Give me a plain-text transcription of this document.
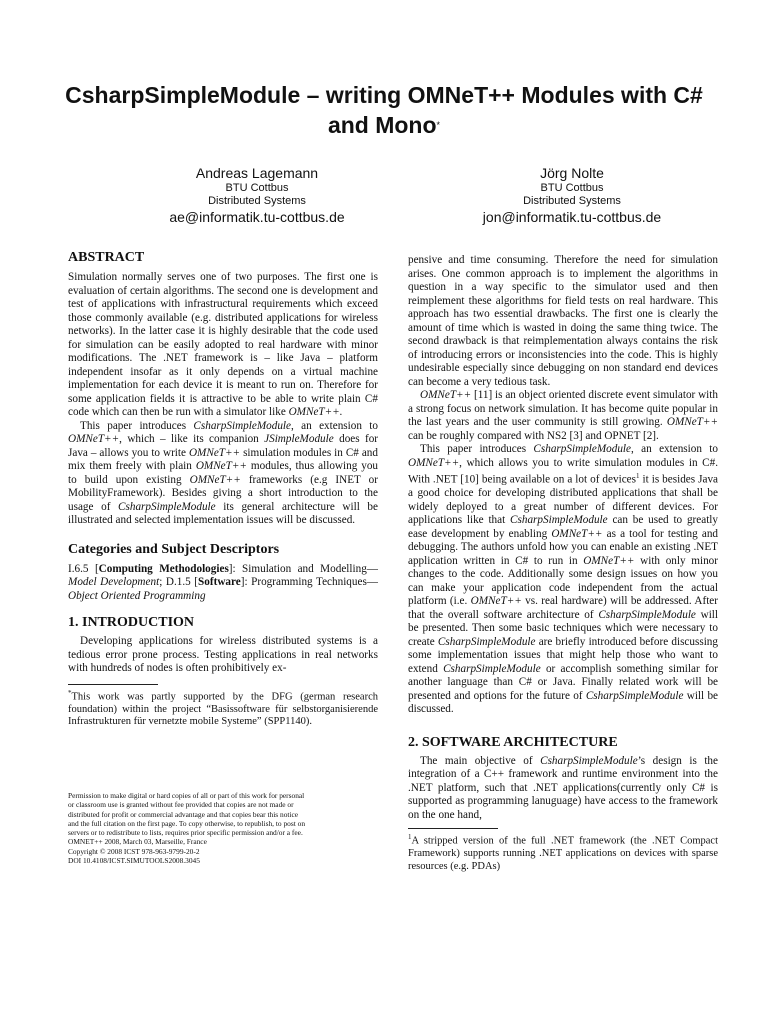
CsharpSimpleModule – writing OMNeT++ Modules with C#
and Mono*
Andreas Lagemann
BTU Cottbus
Distributed Systems
ae@informatik.tu-cottbus.de
Jörg Nolte
BTU Cottbus
Distributed Systems
jon@informatik.tu-cottbus.de
ABSTRACT

Simulation normally serves one of two purposes. The first one is evaluation of certain algorithms. The second one is development and test of applications with infrastructural requirements which exceed those commonly available (e.g. distributed applications for wireless networks). In the latter case it is highly desirable that the code used for simulation can be easily adopted to real hardware with minor modifications. The .NET framework is – like Java – platform independent insofar as it only depends on a virtual machine implementation for each device it is meant to run on. Therefore for some application fields it is attractive to be able to write plain C# code which can then be run with a simulator like OMNeT++.

This paper introduces CsharpSimpleModule, an extension to OMNeT++, which – like its companion JSimpleModule does for Java – allows you to write OMNeT++ simulation modules in C# and mix them freely with plain OMNeT++ modules, thus allowing you to build upon existing OMNeT++ frameworks (e.g INET or MobilityFramework). Besides giving a short introduction to the usage of CsharpSimpleModule its general architecture will be illustrated and selected implementation issues will be discussed.

Categories and Subject Descriptors

I.6.5 [Computing Methodologies]: Simulation and Modelling—Model Development; D.1.5 [Software]: Programming Techniques—Object Oriented Programming

1. INTRODUCTION

Developing applications for wireless distributed systems is a tedious error prone process. Testing applications in real networks with hundreds of nodes is often prohibitively ex-

*This work was partly supported by the DFG (german research foundation) within the project “Basissoftware für selbstorganisierende Infrastrukturen für vernetzte mobile Systeme” (SPP1140).
Permission to make digital or hard copies of all or part of this work for personal
or classroom use is granted without fee provided that copies are not made or
distributed for profit or commercial advantage and that copies bear this notice
and the full citation on the first page. To copy otherwise, to republish, to post on
servers or to redistribute to lists, requires prior specific permission and/or a fee.
OMNET++ 2008, March 03, Marseille, France
Copyright © 2008 ICST 978-963-9799-20-2
DOI 10.4108/ICST.SIMUTOOLS2008.3045

pensive and time consuming. Therefore the need for simulation arises. One common approach is to implement the algorithms in question in a way specific to the simulator used and then reimplement these algorithms for field tests on real hardware. This approach has two essential drawbacks. The first one is clearly the amount of time which is wasted in doing the same thing twice. The second drawback is that reimplementation always contains the risk of introducing errors or inconsistencies into the code. This is highly undesirable especially since debugging on non standard end devices can become a very tedious task.

OMNeT++ [11] is an object oriented discrete event simulator with a strong focus on network simulation. It has become quite popular in the last years and the user community is still growing. OMNeT++ can be roughly compared with NS2 [3] and OPNET [2].

This paper introduces CsharpSimpleModule, an extension to OMNeT++, which allows you to write simulation modules in C#. With .NET [10] being available on a lot of devices$^1$ it is besides Java a good choice for developing distributed applications that shall be widely deployed to a great number of different devices. For applications like that CsharpSimpleModule can be used to greatly ease development by enabling OMNeT++ as a tool for testing and debugging. The authors unfold how you can enable an existing .NET application written in C# to run in OMNeT++ with only minor changes to the code. Additionally some design issues on how you can make your application code independent from the actual platform (i.e. OMNeT++ vs. real hardware) will be addressed. After that the overall software architecture of CsharpSimpleModule will be presented. Then some basic techniques which were necessary to create CsharpSimpleModule are briefly introduced before discussing some implementation issues that might help those who want to extend CsharpSimpleModule or accomplish something similar for another language than C# or Java. Finally related work will be presented and options for the future of CsharpSimpleModule will be discussed.

2. SOFTWARE ARCHITECTURE

The main objective of CsharpSimpleModule’s design is the integration of a C++ framework and runtime environment into the .NET platform, such that .NET applications(currently only C# is supported as programming lanuguage) have access to the framework on the one hand,

$^1$A stripped version of the full .NET framework (the .NET Compact Framework) supports running .NET applications on devices with sparse resources (e.g. PDAs)
